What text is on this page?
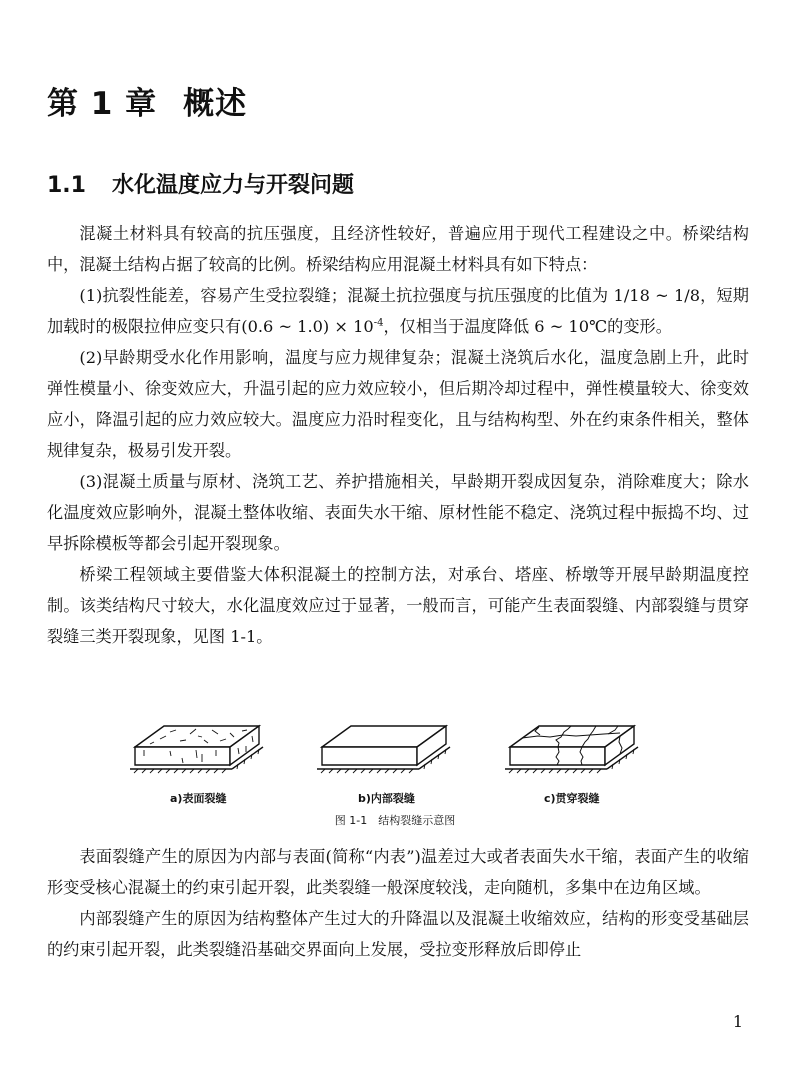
第 1 章 概述
1.1 水化温度应力与开裂问题

混凝土材料具有较高的抗压强度，且经济性较好，普遍应用于现代工程建设之中。桥梁结构中，混凝土结构占据了较高的比例。桥梁结构应用混凝土材料具有如下特点：

(1)抗裂性能差，容易产生受拉裂缝；混凝土抗拉强度与抗压强度的比值为 1/18 ~ 1/8，短期加载时的极限拉伸应变只有(0.6 ~ $1.0) \times 10^{-4}$，仅相当于温度降低 6 ~ 10℃的变形。

(2)早龄期受水化作用影响，温度与应力规律复杂；混凝土浇筑后水化，温度急剧上升，此时弹性模量小、徐变效应大，升温引起的应力效应较小，但后期冷却过程中，弹性模量较大、徐变效应小，降温引起的应力效应较大。温度应力沿时程变化，且与结构构型、外在约束条件相关，整体规律复杂，极易引发开裂。

(3)混凝土质量与原材、浇筑工艺、养护措施相关，早龄期开裂成因复杂，消除难度大；除水化温度效应影响外，混凝土整体收缩、表面失水干缩、原材性能不稳定、浇筑过程中振捣不均、过早拆除模板等都会引起开裂现象。

桥梁工程领域主要借鉴大体积混凝土的控制方法，对承台、塔座、桥墩等开展早龄期温度控制。该类结构尺寸较大，水化温度效应过于显著，一般而言，可能产生表面裂缝、内部裂缝与贯穿裂缝三类开裂现象，见图 1-1。

a)表面裂缝	b)内部裂缝	c)贯穿裂缝
图 1-1　结构裂缝示意图

表面裂缝产生的原因为内部与表面(简称“内表”)温差过大或者表面失水干缩，表面产生的收缩形变受核心混凝土的约束引起开裂，此类裂缝一般深度较浅，走向随机，多集中在边角区域。

内部裂缝产生的原因为结构整体产生过大的升降温以及混凝土收缩效应，结构的形变受基础层的约束引起开裂，此类裂缝沿基础交界面向上发展，受拉变形释放后即停止

1
